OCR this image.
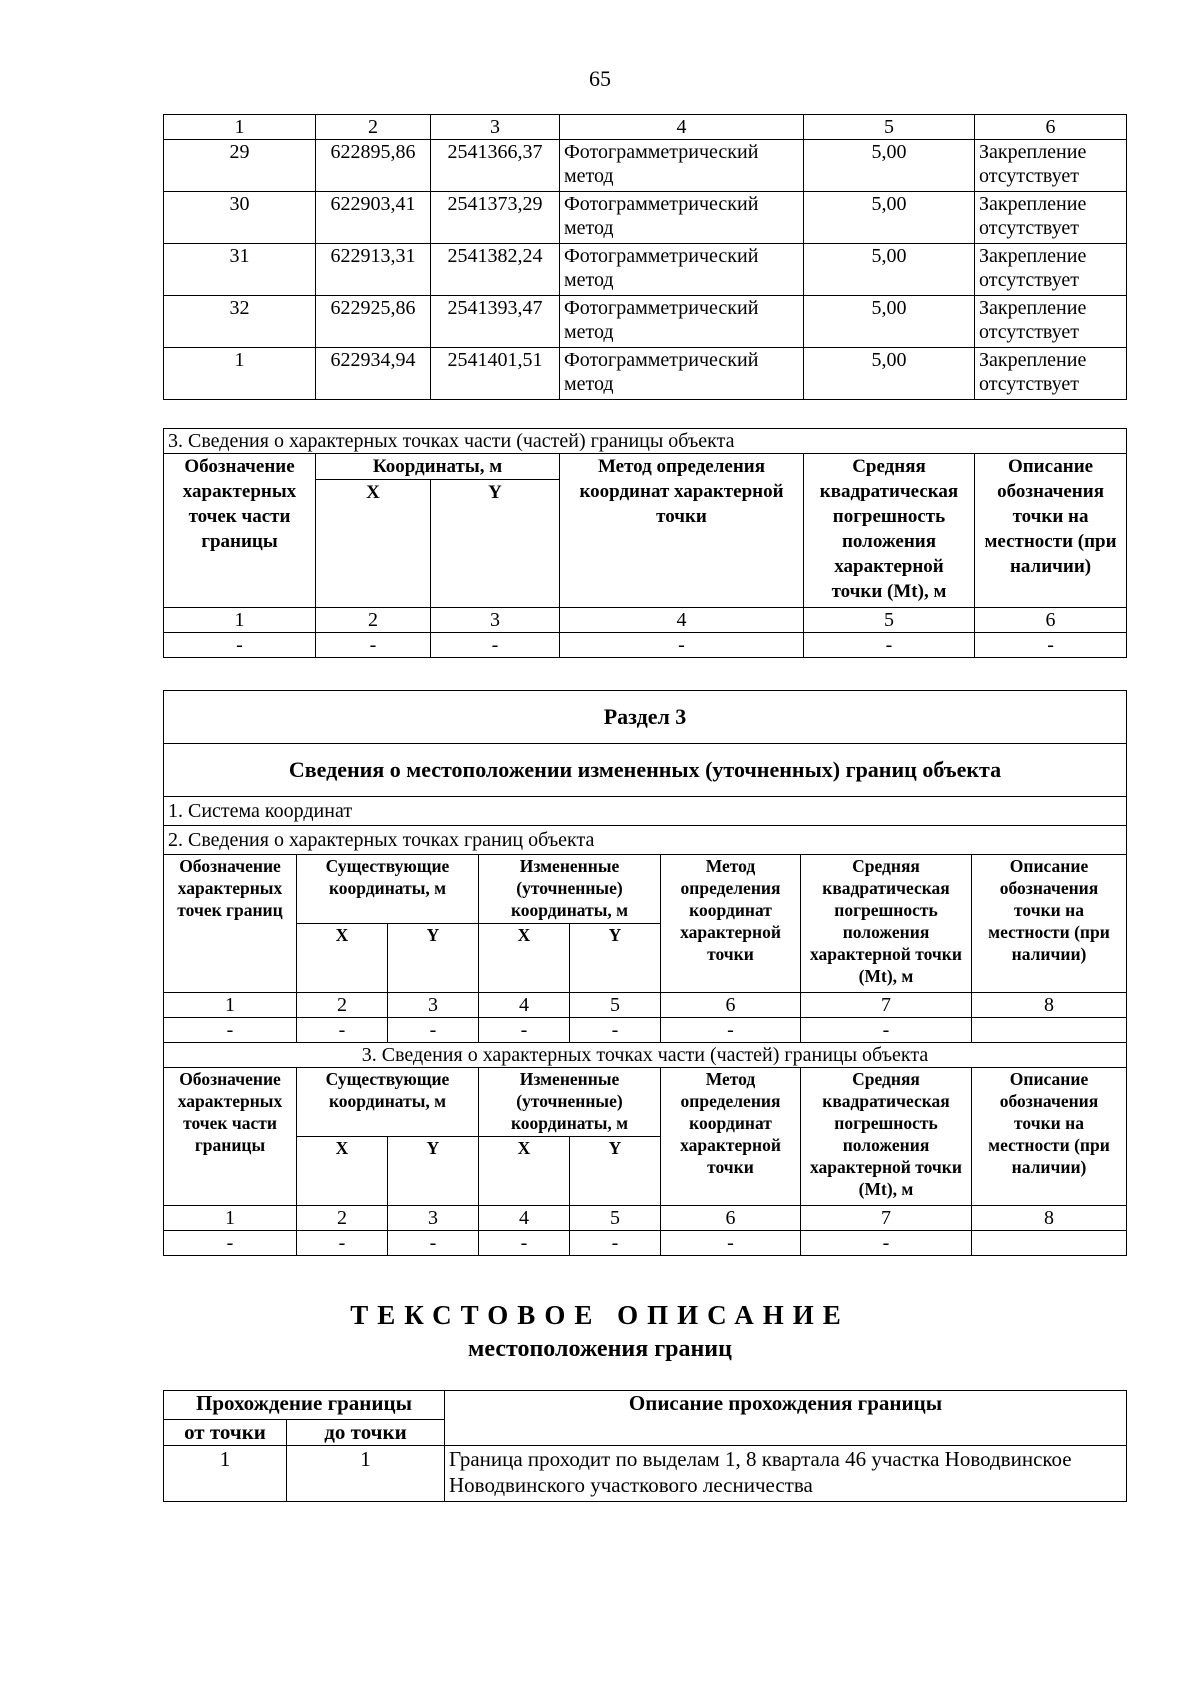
65
1	2	3	4	5	6
29	622895,86	2541366,37	Фотограмметрический метод	5,00	Закрепление отсутствует
30	622903,41	2541373,29	Фотограмметрический метод	5,00	Закрепление отсутствует
31	622913,31	2541382,24	Фотограмметрический метод	5,00	Закрепление отсутствует
32	622925,86	2541393,47	Фотограмметрический метод	5,00	Закрепление отсутствует
1	622934,94	2541401,51	Фотограмметрический метод	5,00	Закрепление отсутствует
3. Сведения о характерных точках части (частей) границы объекта					
Обозначение характерных точек части границы	Координаты, м		Метод определения координат характерной точки	Средняя квадратическая погрешность положения характерной точки (Mt), м	Описание обозначения точки на местности (при наличии)
	X	Y			
1	2	3	4	5	6
-	-	-	-	-	-
Раздел 3							
Сведения о местоположении измененных (уточненных) границ объекта							
1. Система координат							
2. Сведения о характерных точках границ объекта							
Обозначение характерных точек границ	Существующие координаты, м		Измененные (уточненные) координаты, м		Метод определения координат характерной точки	Средняя квадратическая погрешность положения характерной точки (Mt), м	Описание обозначения точки на местности (при наличии)
	X	Y	X	Y			
1	2	3	4	5	6	7	8
-	-	-	-	-	-	-	
3. Сведения о характерных точках части (частей) границы объекта							
Обозначение характерных точек части границы	Существующие координаты, м		Измененные (уточненные) координаты, м		Метод определения координат характерной точки	Средняя квадратическая погрешность положения характерной точки (Mt), м	Описание обозначения точки на местности (при наличии)
	X	Y	X	Y			
1	2	3	4	5	6	7	8
-	-	-	-	-	-	-	
ТЕКСТОВОЕ ОПИСАНИЕ
местоположения границ
Прохождение границы		Описание прохождения границы
от точки	до точки	
1	1	Граница проходит по выделам 1, 8 квартала 46 участка Новодвинское Новодвинского участкового лесничества
